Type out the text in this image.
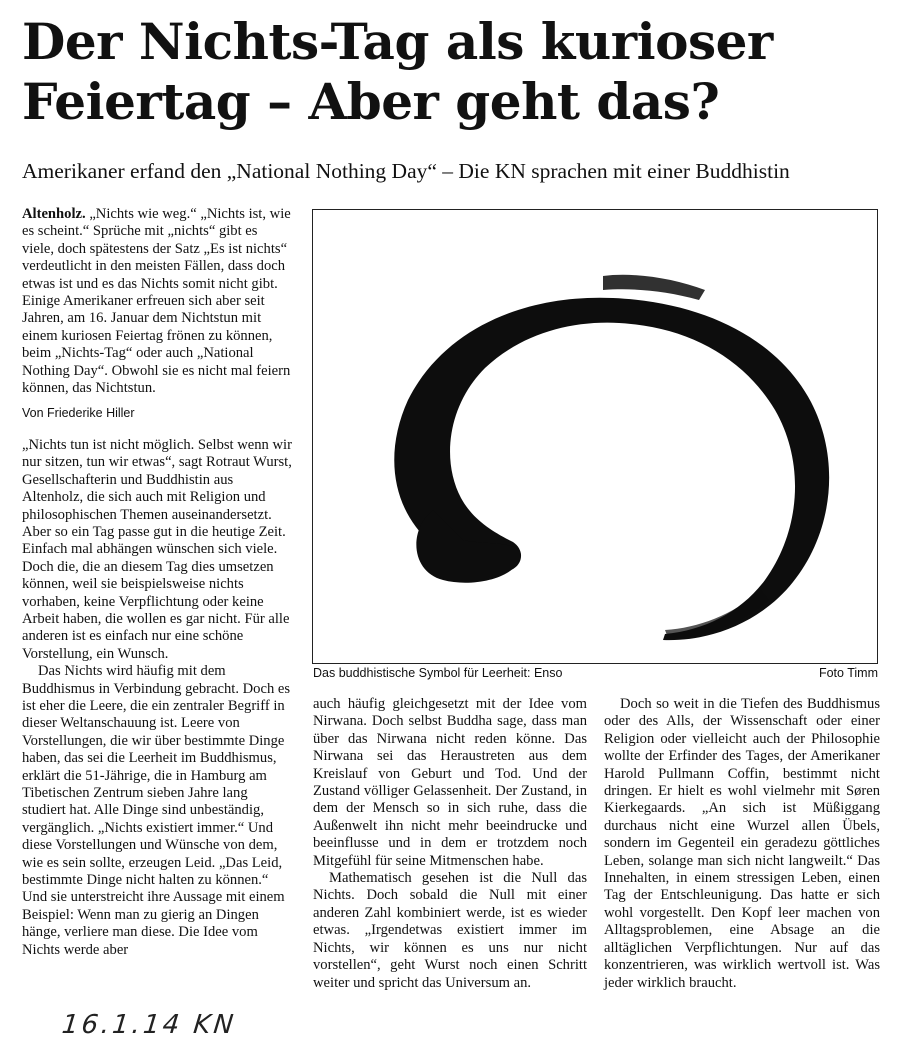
Der Nichts-Tag als kurioser Feiertag – Aber geht das?

Amerikaner erfand den „National Nothing Day“ – Die KN sprachen mit einer Buddhistin

Altenholz. „Nichts wie weg.“ „Nichts ist, wie es scheint.“ Sprüche mit „nichts“ gibt es viele, doch spätestens der Satz „Es ist nichts“ verdeutlicht in den meisten Fällen, dass doch etwas ist und es das Nichts somit nicht gibt. Einige Amerikaner erfreuen sich aber seit Jahren, am 16. Januar dem Nichtstun mit einem kuriosen Feiertag frönen zu können, beim „Nichts-Tag“ oder auch „National Nothing Day“. Obwohl sie es nicht mal feiern können, das Nichtstun.

Von Friederike Hiller

„Nichts tun ist nicht möglich. Selbst wenn wir nur sitzen, tun wir etwas“, sagt Rotraut Wurst, Gesellschafterin und Buddhistin aus Altenholz, die sich auch mit Religion und philosophischen Themen auseinandersetzt. Aber so ein Tag passe gut in die heutige Zeit. Einfach mal abhängen wünschen sich viele. Doch die, die an diesem Tag dies umsetzen können, weil sie beispielsweise nichts vorhaben, keine Verpflichtung oder keine Arbeit haben, die wollen es gar nicht. Für alle anderen ist es einfach nur eine schöne Vorstellung, ein Wunsch.

Das Nichts wird häufig mit dem Buddhismus in Verbindung gebracht. Doch es ist eher die Leere, die ein zentraler Begriff in dieser Weltanschauung ist. Leere von Vorstellungen, die wir über bestimmte Dinge haben, das sei die Leerheit im Buddhismus, erklärt die 51-Jährige, die in Hamburg am Tibetischen Zentrum sieben Jahre lang studiert hat. Alle Dinge sind unbeständig, vergänglich. „Nichts existiert immer.“ Und diese Vorstellungen und Wünsche von dem, wie es sein sollte, erzeugen Leid. „Das Leid, bestimmte Dinge nicht halten zu können.“ Und sie unterstreicht ihre Aussage mit einem Beispiel: Wenn man zu gierig an Dingen hänge, verliere man diese. Die Idee vom Nichts werde aber

Das buddhistische Symbol für Leerheit: Enso	Foto Timm

auch häufig gleichgesetzt mit der Idee vom Nirwana. Doch selbst Buddha sage, dass man über das Nirwana nicht reden könne. Das Nirwana sei das Heraustreten aus dem Kreislauf von Geburt und Tod. Und der Zustand völliger Gelassenheit. Der Zustand, in dem der Mensch so in sich ruhe, dass die Außenwelt ihn nicht mehr beeindrucke und beeinflusse und in dem er trotzdem noch Mitgefühl für seine Mitmenschen habe.

Mathematisch gesehen ist die Null das Nichts. Doch sobald die Null mit einer anderen Zahl kombiniert werde, ist es wieder etwas. „Irgendetwas existiert immer im Nichts, wir können es uns nur nicht vorstellen“, geht Wurst noch einen Schritt weiter und spricht das Universum an.

Doch so weit in die Tiefen des Buddhismus oder des Alls, der Wissenschaft oder einer Religion oder vielleicht auch der Philosophie wollte der Erfinder des Tages, der Amerikaner Harold Pullmann Coffin, bestimmt nicht dringen. Er hielt es wohl vielmehr mit Søren Kierkegaards. „An sich ist Müßiggang durchaus nicht eine Wurzel allen Übels, sondern im Gegenteil ein geradezu göttliches Leben, solange man sich nicht langweilt.“ Das Innehalten, in einem stressigen Leben, einen Tag der Entschleunigung. Das hatte er sich wohl vorgestellt. Den Kopf leer machen von Alltagsproblemen, eine Absage an die alltäglichen Verpflichtungen. Nur auf das konzentrieren, was wirklich wertvoll ist. Was jeder wirklich braucht.

16.1.14 KN
